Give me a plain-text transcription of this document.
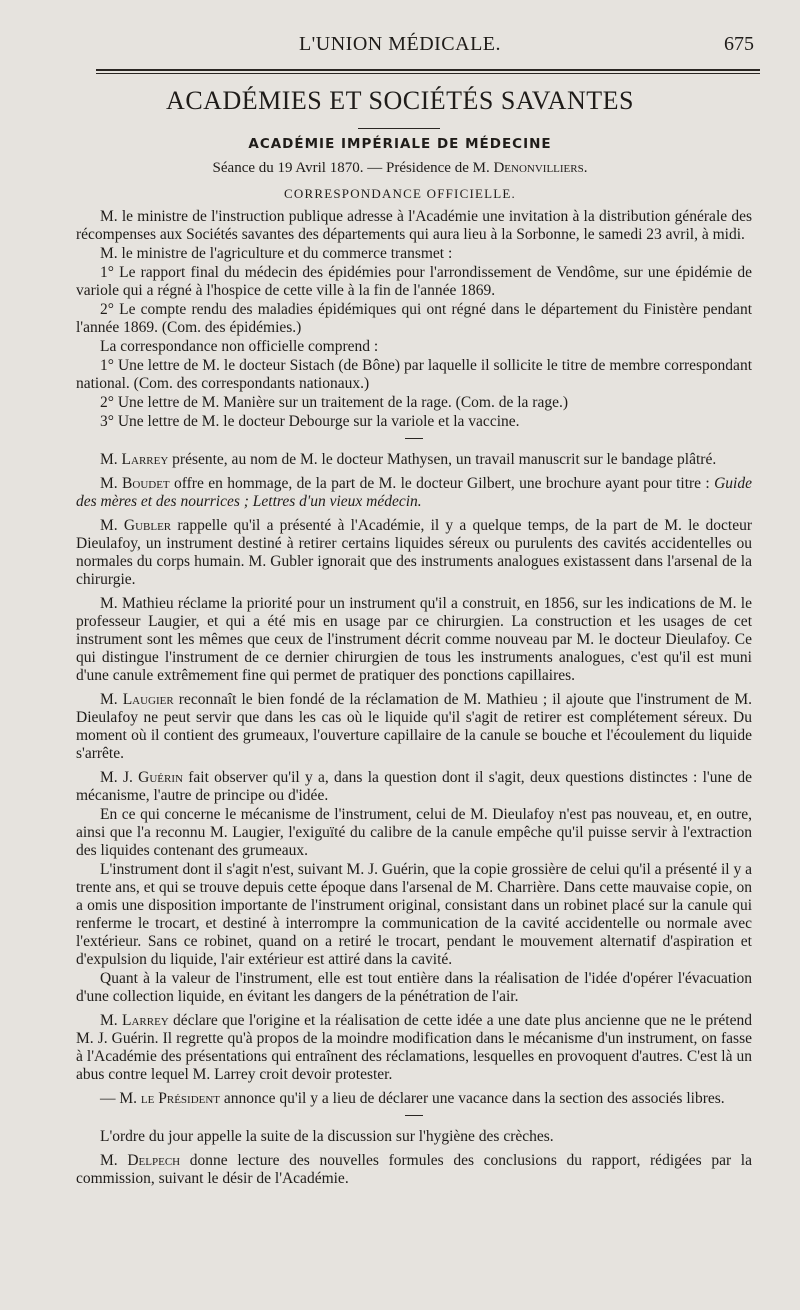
L'UNION MÉDICALE.	675
ACADÉMIES ET SOCIÉTÉS SAVANTES
ACADÉMIE IMPÉRIALE DE MÉDECINE
Séance du 19 Avril 1870. — Présidence de M. Denonvilliers.
CORRESPONDANCE OFFICIELLE.

M. le ministre de l'instruction publique adresse à l'Académie une invitation à la distribution générale des récompenses aux Sociétés savantes des départements qui aura lieu à la Sorbonne, le samedi 23 avril, à midi.

M. le ministre de l'agriculture et du commerce transmet :

1° Le rapport final du médecin des épidémies pour l'arrondissement de Vendôme, sur une épidémie de variole qui a régné à l'hospice de cette ville à la fin de l'année 1869.

2° Le compte rendu des maladies épidémiques qui ont régné dans le département du Finistère pendant l'année 1869. (Com. des épidémies.)

La correspondance non officielle comprend :

1° Une lettre de M. le docteur Sistach (de Bône) par laquelle il sollicite le titre de membre correspondant national. (Com. des correspondants nationaux.)

2° Une lettre de M. Manière sur un traitement de la rage. (Com. de la rage.)

3° Une lettre de M. le docteur Debourge sur la variole et la vaccine.

M. Larrey présente, au nom de M. le docteur Mathysen, un travail manuscrit sur le bandage plâtré.

M. Boudet offre en hommage, de la part de M. le docteur Gilbert, une brochure ayant pour titre : Guide des mères et des nourrices ; Lettres d'un vieux médecin.

M. Gubler rappelle qu'il a présenté à l'Académie, il y a quelque temps, de la part de M. le docteur Dieulafoy, un instrument destiné à retirer certains liquides séreux ou purulents des cavités accidentelles ou normales du corps humain. M. Gubler ignorait que des instruments analogues existassent dans l'arsenal de la chirurgie.

M. Mathieu réclame la priorité pour un instrument qu'il a construit, en 1856, sur les indications de M. le professeur Laugier, et qui a été mis en usage par ce chirurgien. La construction et les usages de cet instrument sont les mêmes que ceux de l'instrument décrit comme nouveau par M. le docteur Dieulafoy. Ce qui distingue l'instrument de ce dernier chirurgien de tous les instruments analogues, c'est qu'il est muni d'une canule extrêmement fine qui permet de pratiquer des ponctions capillaires.

M. Laugier reconnaît le bien fondé de la réclamation de M. Mathieu ; il ajoute que l'instrument de M. Dieulafoy ne peut servir que dans les cas où le liquide qu'il s'agit de retirer est complétement séreux. Du moment où il contient des grumeaux, l'ouverture capillaire de la canule se bouche et l'écoulement du liquide s'arrête.

M. J. Guérin fait observer qu'il y a, dans la question dont il s'agit, deux questions distinctes : l'une de mécanisme, l'autre de principe ou d'idée.

En ce qui concerne le mécanisme de l'instrument, celui de M. Dieulafoy n'est pas nouveau, et, en outre, ainsi que l'a reconnu M. Laugier, l'exiguïté du calibre de la canule empêche qu'il puisse servir à l'extraction des liquides contenant des grumeaux.

L'instrument dont il s'agit n'est, suivant M. J. Guérin, que la copie grossière de celui qu'il a présenté il y a trente ans, et qui se trouve depuis cette époque dans l'arsenal de M. Charrière. Dans cette mauvaise copie, on a omis une disposition importante de l'instrument original, consistant dans un robinet placé sur la canule qui renferme le trocart, et destiné à interrompre la communication de la cavité accidentelle ou normale avec l'extérieur. Sans ce robinet, quand on a retiré le trocart, pendant le mouvement alternatif d'aspiration et d'expulsion du liquide, l'air extérieur est attiré dans la cavité.

Quant à la valeur de l'instrument, elle est tout entière dans la réalisation de l'idée d'opérer l'évacuation d'une collection liquide, en évitant les dangers de la pénétration de l'air.

M. Larrey déclare que l'origine et la réalisation de cette idée a une date plus ancienne que ne le prétend M. J. Guérin. Il regrette qu'à propos de la moindre modification dans le mécanisme d'un instrument, on fasse à l'Académie des présentations qui entraînent des réclamations, lesquelles en provoquent d'autres. C'est là un abus contre lequel M. Larrey croit devoir protester.

— M. le Président annonce qu'il y a lieu de déclarer une vacance dans la section des associés libres.

L'ordre du jour appelle la suite de la discussion sur l'hygiène des crèches.

M. Delpech donne lecture des nouvelles formules des conclusions du rapport, rédigées par la commission, suivant le désir de l'Académie.
